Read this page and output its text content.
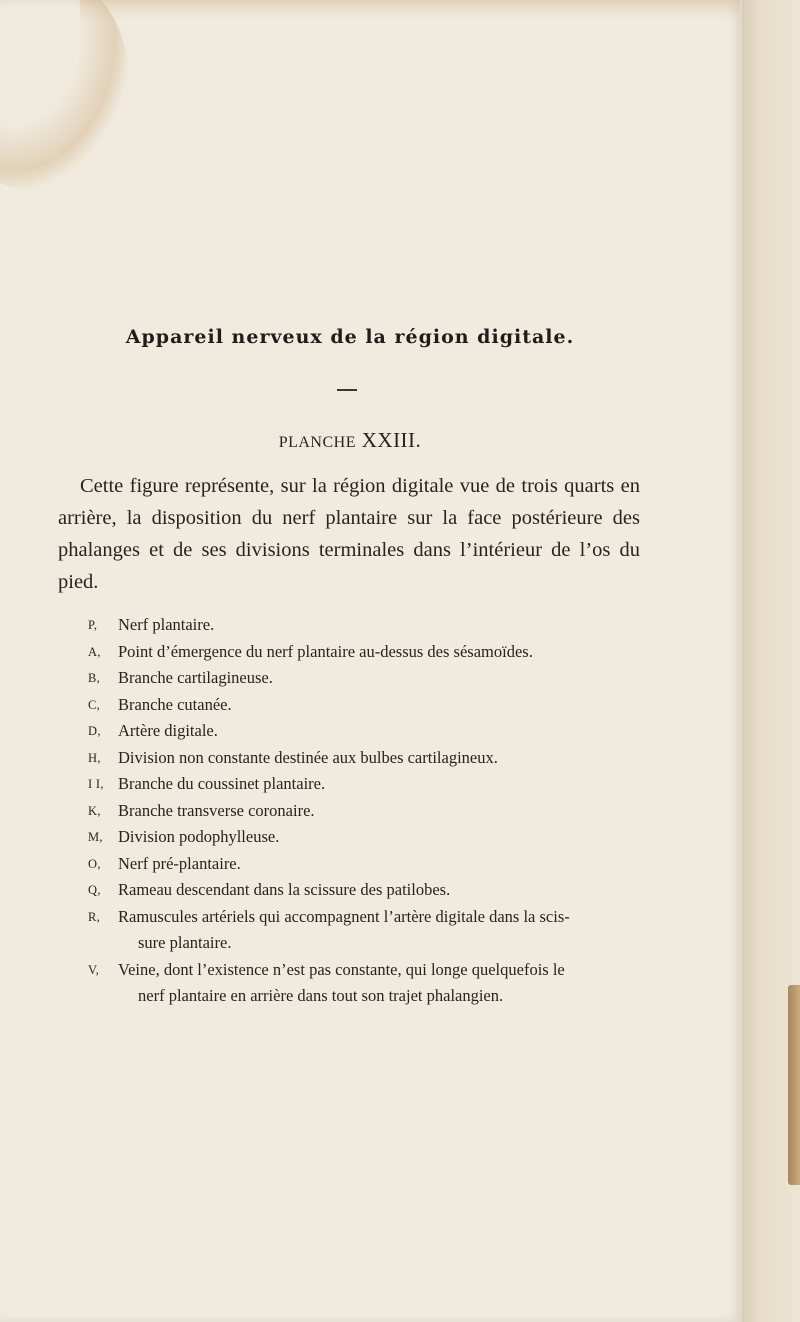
Appareil nerveux de la région digitale.
PLANCHE XXIII.

Cette figure représente, sur la région digitale vue de trois quarts en arrière, la disposition du nerf plantaire sur la face postérieure des phalanges et de ses divisions terminales dans l’intérieur de l’os du pied.

P, Nerf plantaire.
A, Point d’émergence du nerf plantaire au-dessus des sésamoïdes.
B, Branche cartilagineuse.
C, Branche cutanée.
D, Artère digitale.
H, Division non constante destinée aux bulbes cartilagineux.
I I, Branche du coussinet plantaire.
K, Branche transverse coronaire.
M, Division podophylleuse.
O, Nerf pré-plantaire.
Q, Rameau descendant dans la scissure des patilobes.
R, Ramuscules artériels qui accompagnent l’artère digitale dans la scis-
sure plantaire.
V, Veine, dont l’existence n’est pas constante, qui longe quelquefois le
nerf plantaire en arrière dans tout son trajet phalangien.
